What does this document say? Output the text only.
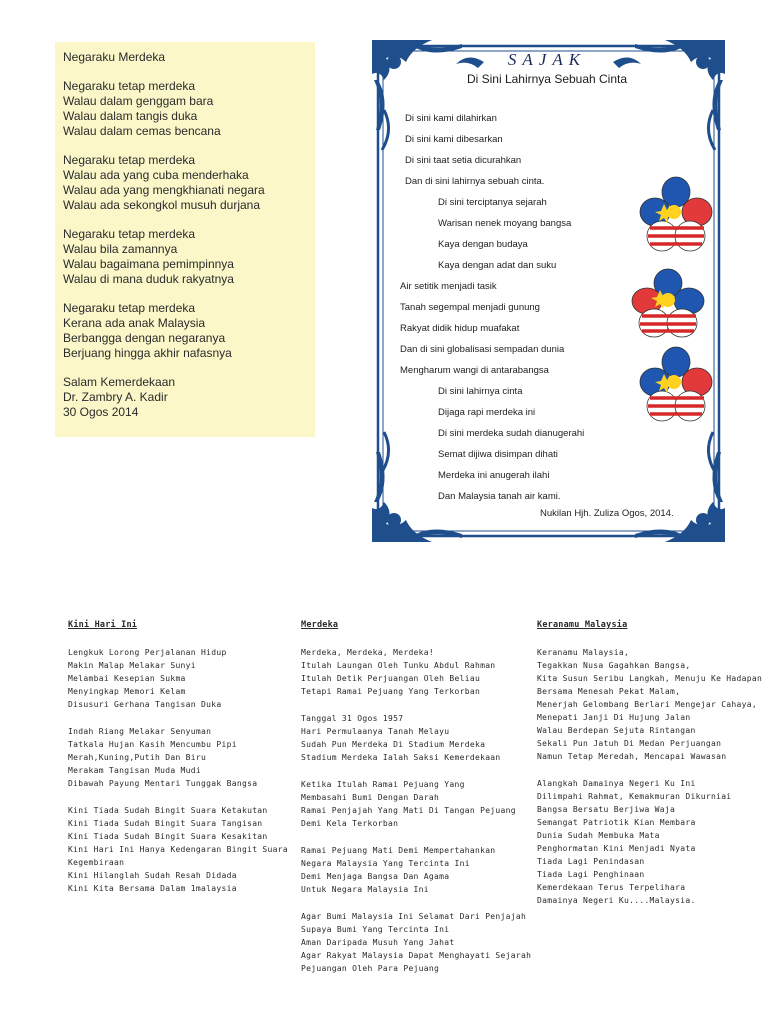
Negaraku Merdeka
Negaraku tetap merdeka
Walau dalam genggam bara
Walau dalam tangis duka
Walau dalam cemas bencana
Negaraku tetap merdeka
Walau ada yang cuba menderhaka
Walau ada yang mengkhianati negara
Walau ada sekongkol musuh durjana
Negaraku tetap merdeka
Walau bila zamannya
Walau bagaimana pemimpinnya
Walau di mana duduk rakyatnya
Negaraku tetap merdeka
Kerana ada anak Malaysia
Berbangga dengan negaranya
Berjuang hingga akhir nafasnya
Salam Kemerdekaan
Dr. Zambry A. Kadir
30 Ogos 2014
SAJAK
Di Sini Lahirnya Sebuah Cinta
Di sini kami dilahirkan
Di sini kami dibesarkan
Di sini taat setia dicurahkan
Dan di sini lahirnya sebuah cinta.
Di sini terciptanya sejarah
Warisan nenek moyang bangsa
Kaya dengan budaya
Kaya dengan adat dan suku
Air setitik menjadi tasik
Tanah segempal menjadi gunung
Rakyat didik hidup muafakat
Dan di sini globalisasi sempadan dunia
Mengharum wangi di antarabangsa
Di sini lahirnya cinta
Dijaga rapi merdeka ini
Di sini merdeka sudah dianugerahi
Semat dijiwa disimpan dihati
Merdeka ini anugerah ilahi
Dan Malaysia tanah air kami.
Nukilan Hjh. Zuliza Ogos, 2014.
Kini Hari Ini
Lengkuk Lorong Perjalanan Hidup
Makin Malap Melakar Sunyi
Melambai Kesepian Sukma
Menyingkap Memori Kelam
Disusuri Gerhana Tangisan Duka
Indah Riang Melakar Senyuman
Tatkala Hujan Kasih Mencumbu Pipi
Merah,Kuning,Putih Dan Biru
Merakam Tangisan Muda Mudi
Dibawah Payung Mentari Tunggak Bangsa
Kini Tiada Sudah Bingit Suara Ketakutan
Kini Tiada Sudah Bingit Suara Tangisan
Kini Tiada Sudah Bingit Suara Kesakitan
Kini Hari Ini Hanya Kedengaran Bingit Suara
Kegembiraan
Kini Hilanglah Sudah Resah Didada
Kini Kita Bersama Dalam 1malaysia
Merdeka
Merdeka, Merdeka, Merdeka!
Itulah Laungan Oleh Tunku Abdul Rahman
Itulah Detik Perjuangan Oleh Beliau
Tetapi Ramai Pejuang Yang Terkorban
Tanggal 31 Ogos 1957
Hari Permulaanya Tanah Melayu
Sudah Pun Merdeka Di Stadium Merdeka
Stadium Merdeka Ialah Saksi Kemerdekaan
Ketika Itulah Ramai Pejuang Yang
Membasahi Bumi Dengan Darah
Ramai Penjajah Yang Mati Di Tangan Pejuang
Demi Kela Terkorban
Ramai Pejuang Mati Demi Mempertahankan
Negara Malaysia Yang Tercinta Ini
Demi Menjaga Bangsa Dan Agama
Untuk Negara Malaysia Ini
Agar Bumi Malaysia Ini Selamat Dari Penjajah
Supaya Bumi Yang Tercinta Ini
Aman Daripada Musuh Yang Jahat
Agar Rakyat Malaysia Dapat Menghayati Sejarah
Pejuangan Oleh Para Pejuang
Keranamu Malaysia
Keranamu Malaysia,
Tegakkan Nusa Gagahkan Bangsa,
Kita Susun Seribu Langkah, Menuju Ke Hadapan
Bersama Menesah Pekat Malam,
Menerjah Gelombang Berlari Mengejar Cahaya,
Menepati Janji Di Hujung Jalan
Walau Berdepan Sejuta Rintangan
Sekali Pun Jatuh Di Medan Perjuangan
Namun Tetap Meredah, Mencapai Wawasan
Alangkah Damainya Negeri Ku Ini
Dilimpahi Rahmat, Kemakmuran Dikurniai
Bangsa Bersatu Berjiwa Waja
Semangat Patriotik Kian Membara
Dunia Sudah Membuka Mata
Penghormatan Kini Menjadi Nyata
Tiada Lagi Penindasan
Tiada Lagi Penghinaan
Kemerdekaan Terus Terpelihara
Damainya Negeri Ku....Malaysia.
